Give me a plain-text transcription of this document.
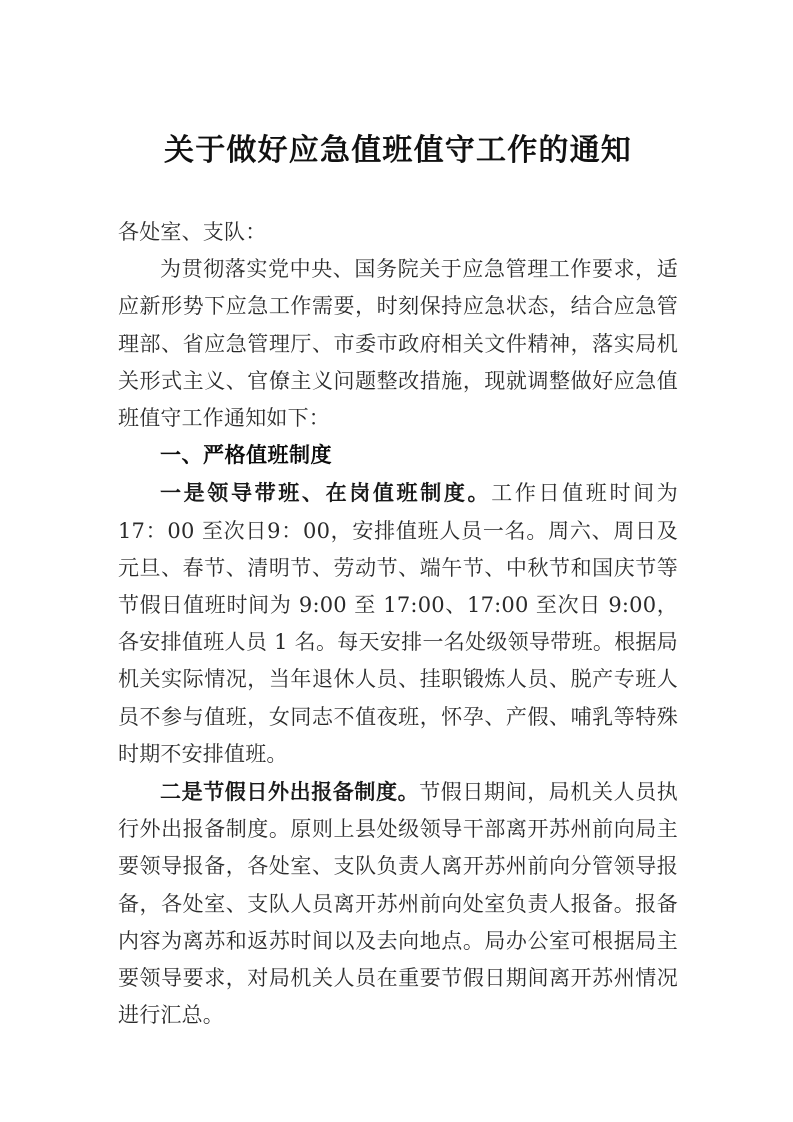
关于做好应急值班值守工作的通知

各处室、支队：

为贯彻落实党中央、国务院关于应急管理工作要求，适应新形势下应急工作需要，时刻保持应急状态，结合应急管理部、省应急管理厅、市委市政府相关文件精神，落实局机关形式主义、官僚主义问题整改措施，现就调整做好应急值班值守工作通知如下：

一、严格值班制度

一是领导带班、在岗值班制度。工作日值班时间为 17：00 至次日9：00，安排值班人员一名。周六、周日及元旦、春节、清明节、劳动节、端午节、中秋节和国庆节等节假日值班时间为 9:00 至 17:00、17:00 至次日 9:00，各安排值班人员 1 名。每天安排一名处级领导带班。根据局机关实际情况，当年退休人员、挂职锻炼人员、脱产专班人员不参与值班，女同志不值夜班，怀孕、产假、哺乳等特殊时期不安排值班。

二是节假日外出报备制度。节假日期间，局机关人员执行外出报备制度。原则上县处级领导干部离开苏州前向局主要领导报备，各处室、支队负责人离开苏州前向分管领导报备，各处室、支队人员离开苏州前向处室负责人报备。报备内容为离苏和返苏时间以及去向地点。局办公室可根据局主要领导要求，对局机关人员在重要节假日期间离开苏州情况进行汇总。
